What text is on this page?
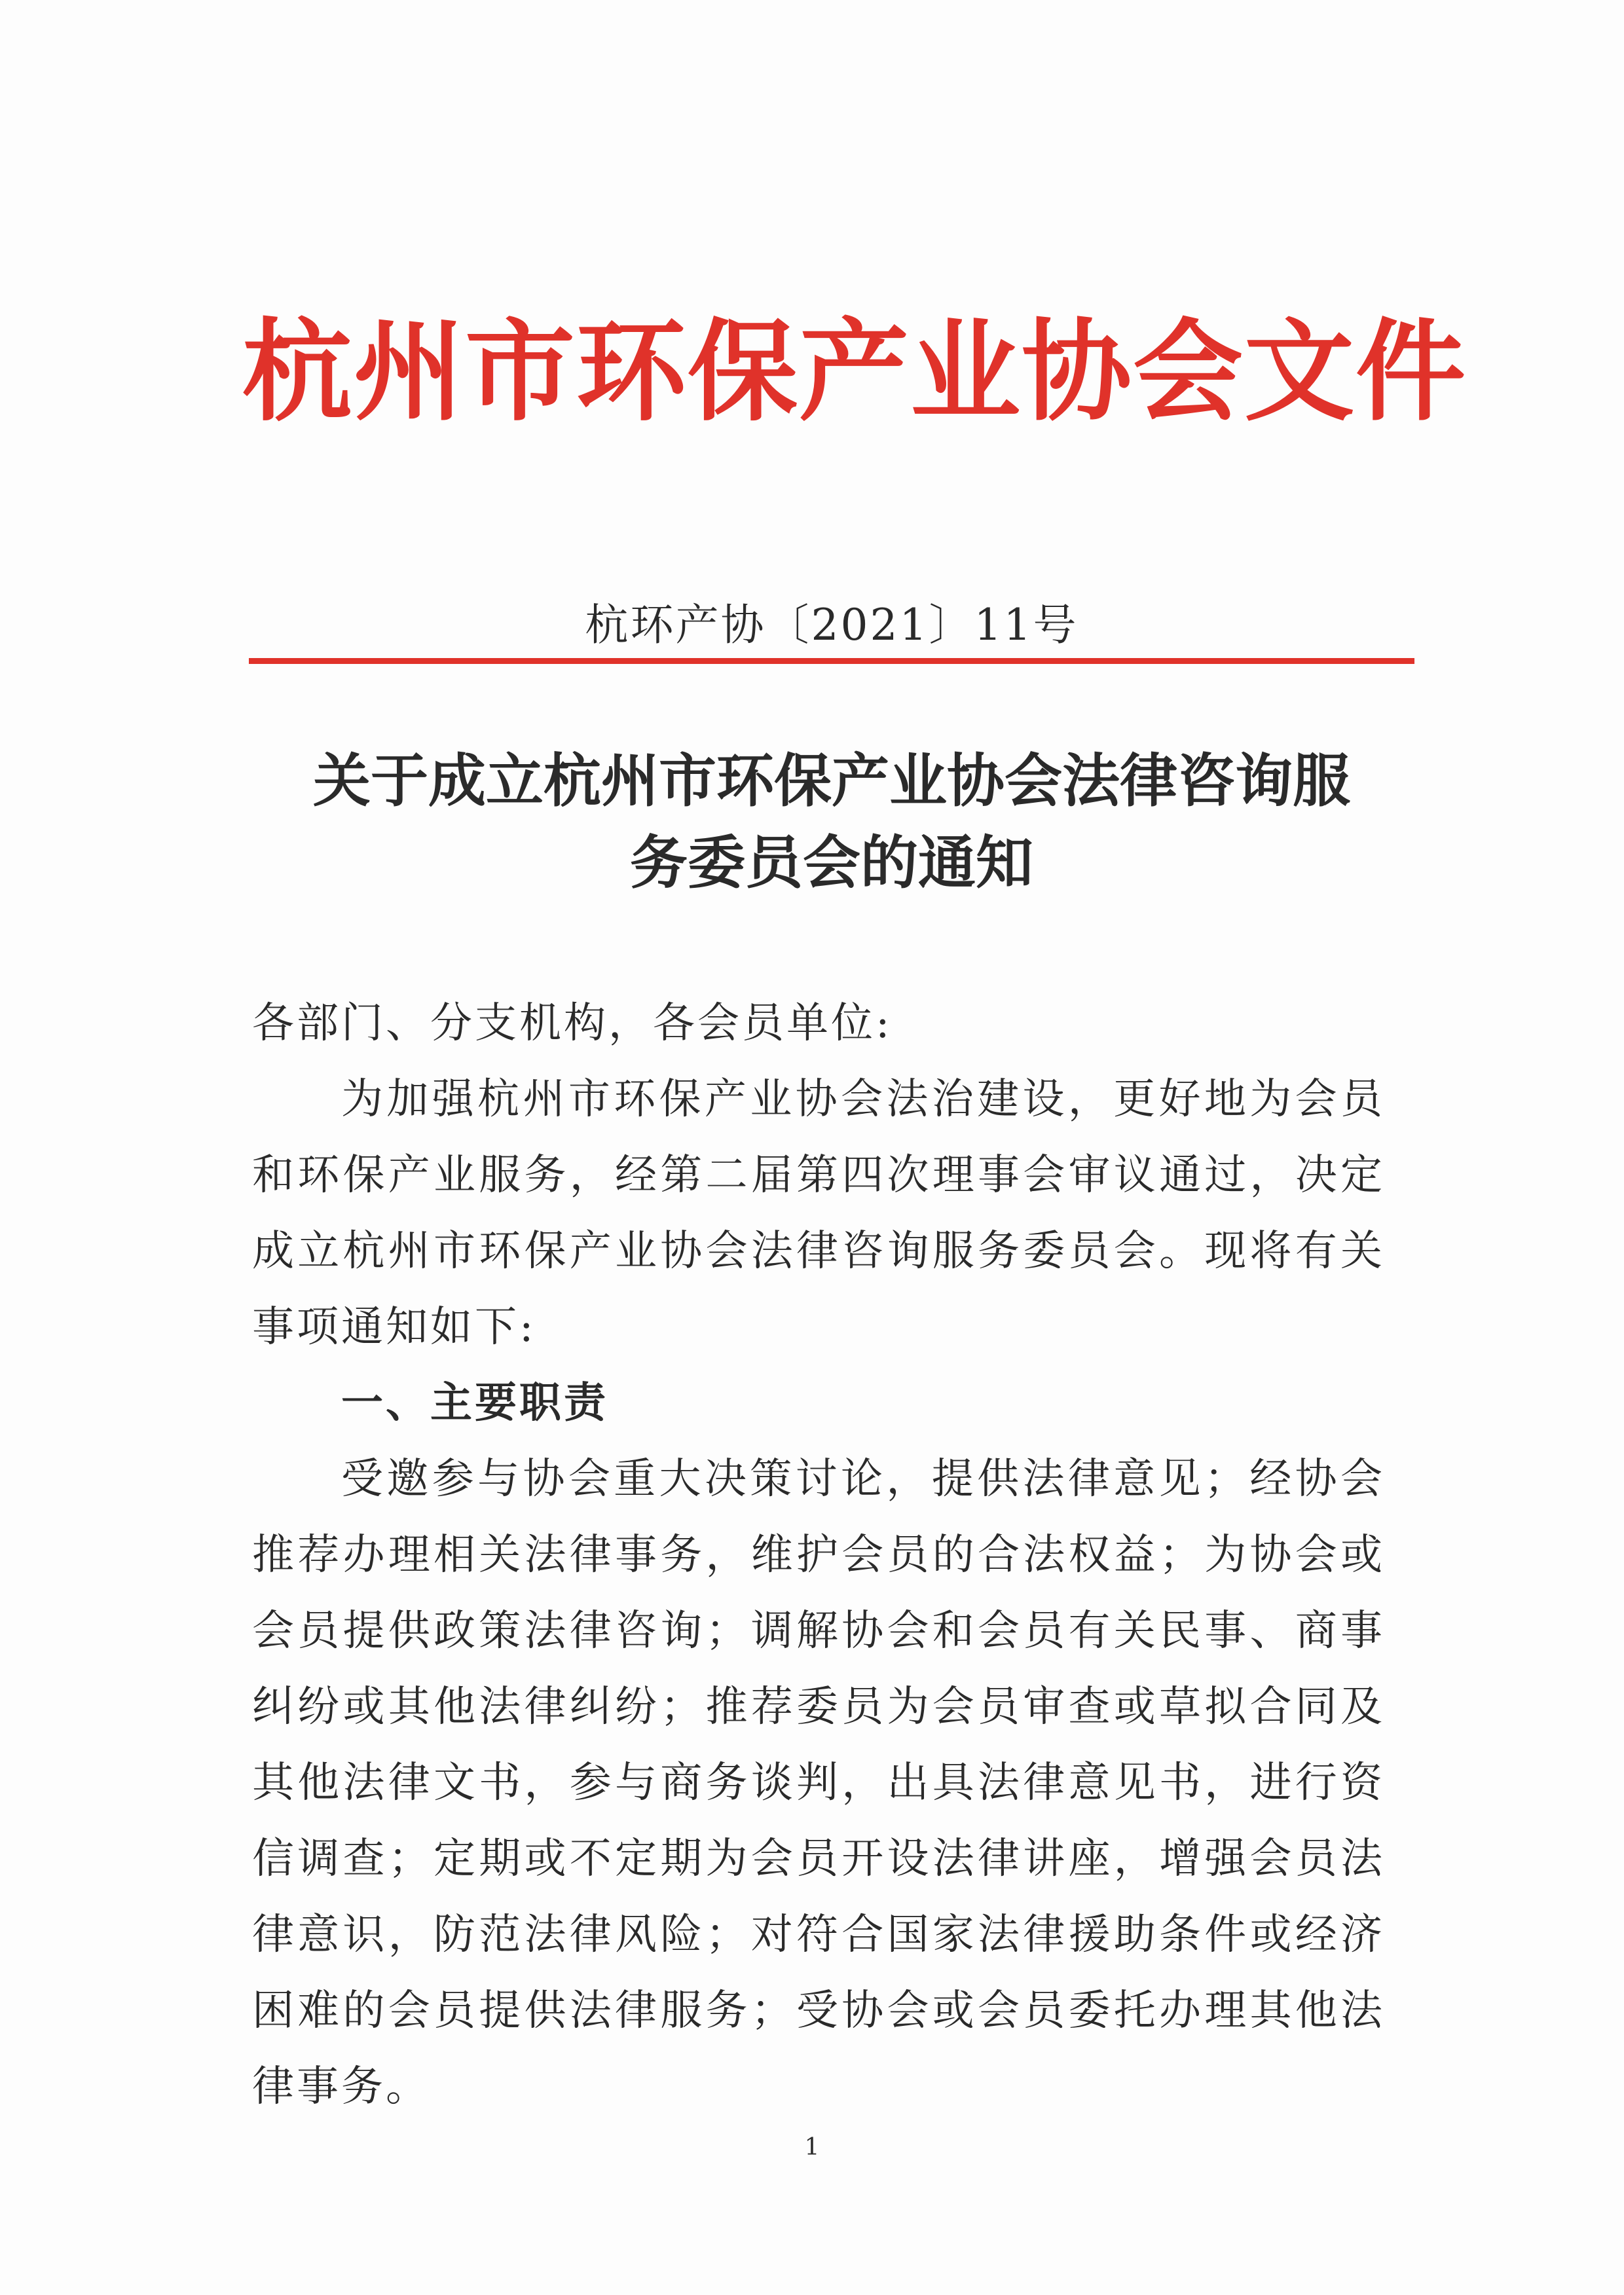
杭州市环保产业协会文件
杭环产协〔2021〕11号
关于成立杭州市环保产业协会法律咨询服
务委员会的通知

各部门、分支机构，各会员单位:

为加强杭州市环保产业协会法治建设，更好地为会员和环保产业服务，经第二届第四次理事会审议通过，决定成立杭州市环保产业协会法律咨询服务委员会。现将有关事项通知如下:

一、主要职责

受邀参与协会重大决策讨论，提供法律意见；经协会推荐办理相关法律事务，维护会员的合法权益；为协会或会员提供政策法律咨询；调解协会和会员有关民事、商事纠纷或其他法律纠纷；推荐委员为会员审查或草拟合同及其他法律文书，参与商务谈判，出具法律意见书，进行资信调查；定期或不定期为会员开设法律讲座，增强会员法律意识，防范法律风险；对符合国家法律援助条件或经济困难的会员提供法律服务；受协会或会员委托办理其他法律事务。

1
